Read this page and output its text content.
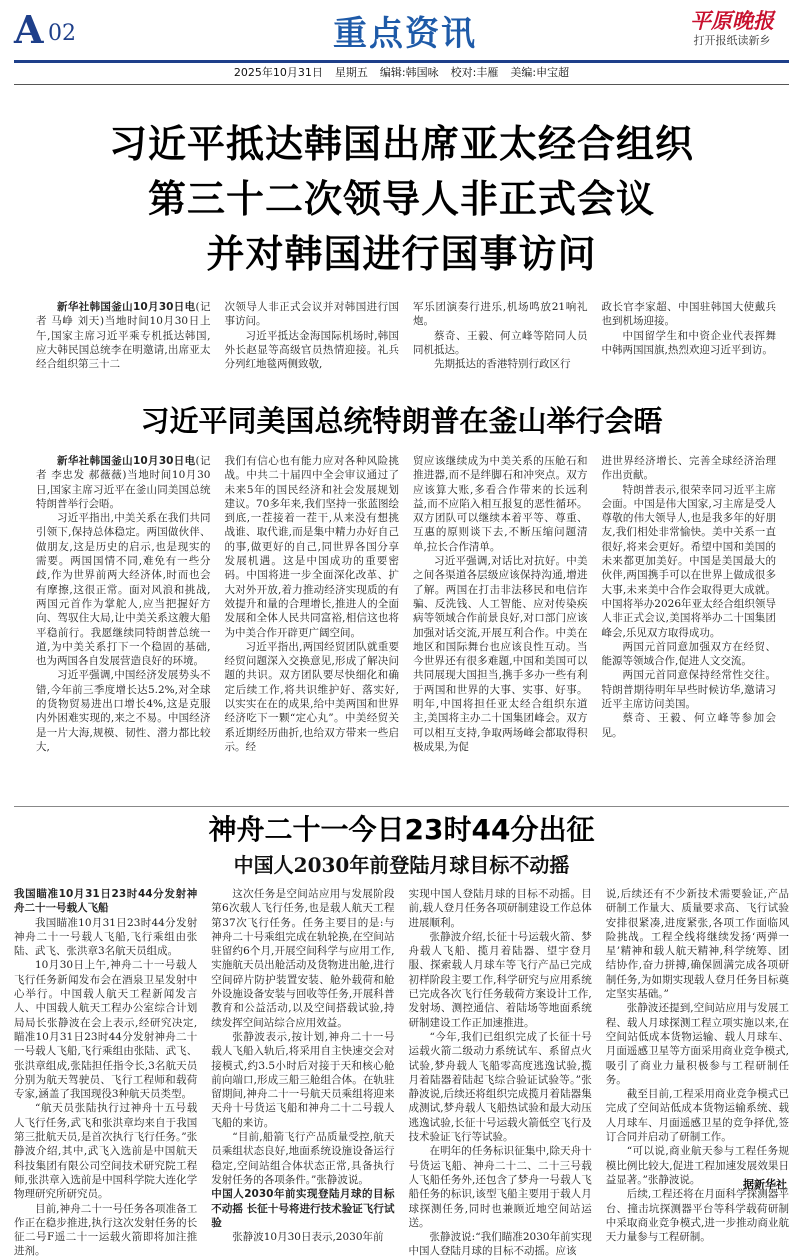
A 02	重点资讯	平原晚报
打开报纸读新乡
2025年10月31日 星期五 编辑:韩国咏 校对:丰雁 美编:申宝超
习近平抵达韩国出席亚太经合组织
第三十二次领导人非正式会议
并对韩国进行国事访问

新华社韩国釜山10月30日电(记者 马峥 刘天)当地时间10月30日上午,国家主席习近平乘专机抵达韩国,应大韩民国总统李在明邀请,出席亚太经合组织第三十二

次领导人非正式会议并对韩国进行国事访问。

习近平抵达金海国际机场时,韩国外长赵显等高级官员热情迎接。礼兵分列红地毯两侧致敬,

军乐团演奏行进乐,机场鸣放21响礼炮。

蔡奇、王毅、何立峰等陪同人员同机抵达。

先期抵达的香港特别行政区行

政长官李家超、中国驻韩国大使戴兵也到机场迎接。

中国留学生和中资企业代表挥舞中韩两国国旗,热烈欢迎习近平到访。

习近平同美国总统特朗普在釜山举行会晤

新华社韩国釜山10月30日电(记者 李忠发 郝薇薇)当地时间10月30日,国家主席习近平在釜山同美国总统特朗普举行会晤。

习近平指出,中美关系在我们共同引领下,保持总体稳定。两国做伙伴、做朋友,这是历史的启示,也是现实的需要。两国国情不同,难免有一些分歧,作为世界前两大经济体,时而也会有摩擦,这很正常。面对风浪和挑战,两国元首作为掌舵人,应当把握好方向、驾驭住大局,让中美关系这艘大船平稳前行。我愿继续同特朗普总统一道,为中美关系打下一个稳固的基础,也为两国各自发展营造良好的环境。

习近平强调,中国经济发展势头不错,今年前三季度增长达5.2%,对全球的货物贸易进出口增长4%,这是克服内外困难实现的,来之不易。中国经济是一片大海,规模、韧性、潜力都比较大,

我们有信心也有能力应对各种风险挑战。中共二十届四中全会审议通过了未来5年的国民经济和社会发展规划建议。70多年来,我们坚持一张蓝图绘到底,一茬接着一茬干,从来没有想挑战谁、取代谁,而是集中精力办好自己的事,做更好的自己,同世界各国分享发展机遇。这是中国成功的重要密码。中国将进一步全面深化改革、扩大对外开放,着力推动经济实现质的有效提升和量的合理增长,推进人的全面发展和全体人民共同富裕,相信这也将为中美合作开辟更广阔空间。

习近平指出,两国经贸团队就重要经贸问题深入交换意见,形成了解决问题的共识。双方团队要尽快细化和确定后续工作,将共识维护好、落实好,以实实在在的成果,给中美两国和世界经济吃下一颗“定心丸”。中美经贸关系近期经历曲折,也给双方带来一些启示。经

贸应该继续成为中美关系的压舱石和推进器,而不是绊脚石和冲突点。双方应该算大账,多看合作带来的长远利益,而不应陷入相互报复的恶性循环。双方团队可以继续本着平等、尊重、互惠的原则谈下去,不断压缩问题清单,拉长合作清单。

习近平强调,对话比对抗好。中美之间各渠道各层级应该保持沟通,增进了解。两国在打击非法移民和电信诈骗、反洗钱、人工智能、应对传染疾病等领域合作前景良好,对口部门应该加强对话交流,开展互利合作。中美在地区和国际舞台也应该良性互动。当今世界还有很多难题,中国和美国可以共同展现大国担当,携手多办一些有利于两国和世界的大事、实事、好事。明年,中国将担任亚太经合组织东道主,美国将主办二十国集团峰会。双方可以相互支持,争取两场峰会都取得积极成果,为促

进世界经济增长、完善全球经济治理作出贡献。

特朗普表示,很荣幸同习近平主席会面。中国是伟大国家,习主席是受人尊敬的伟大领导人,也是我多年的好朋友,我们相处非常愉快。美中关系一直很好,将来会更好。希望中国和美国的未来都更加美好。中国是美国最大的伙伴,两国携手可以在世界上做成很多大事,未来美中合作会取得更大成就。中国将举办2026年亚太经合组织领导人非正式会议,美国将举办二十国集团峰会,乐见双方取得成功。

两国元首同意加强双方在经贸、能源等领域合作,促进人文交流。

两国元首同意保持经常性交往。特朗普期待明年早些时候访华,邀请习近平主席访问美国。

蔡奇、王毅、何立峰等参加会见。

神舟二十一今日23时44分出征
中国人2030年前登陆月球目标不动摇

我国瞄准10月31日23时44分发射神舟二十一号载人飞船

我国瞄准10月31日23时44分发射神舟二十一号载人飞船,飞行乘组由张陆、武飞、张洪章3名航天员组成。

10月30日上午,神舟二十一号载人飞行任务新闻发布会在酒泉卫星发射中心举行。中国载人航天工程新闻发言人、中国载人航天工程办公室综合计划局局长张静波在会上表示,经研究决定,瞄准10月31日23时44分发射神舟二十一号载人飞船,飞行乘组由张陆、武飞、张洪章组成,张陆担任指令长,3名航天员分别为航天驾驶员、飞行工程师和载荷专家,涵盖了我国现役3种航天员类型。

“航天员张陆执行过神舟十五号载人飞行任务,武飞和张洪章均来自于我国第三批航天员,是首次执行飞行任务。”张静波介绍,其中,武飞入选前是中国航天科技集团有限公司空间技术研究院工程师,张洪章入选前是中国科学院大连化学物理研究所研究员。

目前,神舟二十一号任务各项准备工作正在稳步推进,执行这次发射任务的长征二号F遥二十一运载火箭即将加注推进剂。

这次任务是空间站应用与发展阶段第6次载人飞行任务,也是载人航天工程第37次飞行任务。任务主要目的是:与神舟二十号乘组完成在轨轮换,在空间站驻留约6个月,开展空间科学与应用工作,实施航天员出舱活动及货物进出舱,进行空间碎片防护装置安装、舱外载荷和舱外设施设备安装与回收等任务,开展科普教育和公益活动,以及空间搭载试验,持续发挥空间站综合应用效益。

张静波表示,按计划,神舟二十一号载人飞船入轨后,将采用自主快速交会对接模式,约3.5小时后对接于天和核心舱前向端口,形成三船三舱组合体。在轨驻留期间,神舟二十一号航天员乘组将迎来天舟十号货运飞船和神舟二十二号载人飞船的来访。

“目前,船箭飞行产品质量受控,航天员乘组状态良好,地面系统设施设备运行稳定,空间站组合体状态正常,具备执行发射任务的各项条件。”张静波说。

中国人2030年前实现登陆月球的目标不动摇 长征十号将进行技术验证飞行试验

张静波10月30日表示,2030年前

实现中国人登陆月球的目标不动摇。目前,载人登月任务各项研制建设工作总体进展顺利。

张静波介绍,长征十号运载火箭、梦舟载人飞船、揽月着陆器、望宇登月服、探索载人月球车等飞行产品已完成初样阶段主要工作,科学研究与应用系统已完成各次飞行任务载荷方案设计工作,发射场、测控通信、着陆场等地面系统研制建设工作正加速推进。

“今年,我们已组织完成了长征十号运载火箭二级动力系统试车、系留点火试验,梦舟载人飞船零高度逃逸试验,揽月着陆器着陆起飞综合验证试验等。”张静波说,后续还将组织完成揽月着陆器集成测试,梦舟载人飞船热试验和最大动压逃逸试验,长征十号运载火箭低空飞行及技术验证飞行等试验。

在明年的任务标识征集中,除天舟十号货运飞船、神舟二十二、二十三号载人飞船任务外,还包含了梦舟一号载人飞船任务的标识,该型飞船主要用于载人月球探测任务,同时也兼顾近地空间站运送。

张静波说:“我们瞄准2030年前实现中国人登陆月球的目标不动摇。应该

说,后续还有不少新技术需要验证,产品研制工作量大、质量要求高、飞行试验安排很紧凑,进度紧张,各项工作面临风险挑战。工程全线将继续发扬‘两弹一星’精神和载人航天精神,科学统筹、团结协作,奋力拼搏,确保圆满完成各项研制任务,为如期实现载人登月任务目标奠定坚实基础。”

张静波还提到,空间站应用与发展工程、载人月球探测工程立项实施以来,在空间站低成本货物运输、载人月球车、月面遥感卫星等方面采用商业竞争模式,吸引了商业力量积极参与工程研制任务。

截至目前,工程采用商业竞争模式已完成了空间站低成本货物运输系统、载人月球车、月面遥感卫星的竞争择优,签订合同并启动了研制工作。

“可以说,商业航天参与工程任务规模比例比较大,促进工程加速发展效果日益显著。”张静波说。

后续,工程还将在月面科学探测器平台、撞击坑探测器平台等科学载荷研制中采取商业竞争模式,进一步推动商业航天力量参与工程研制。

据新华社
